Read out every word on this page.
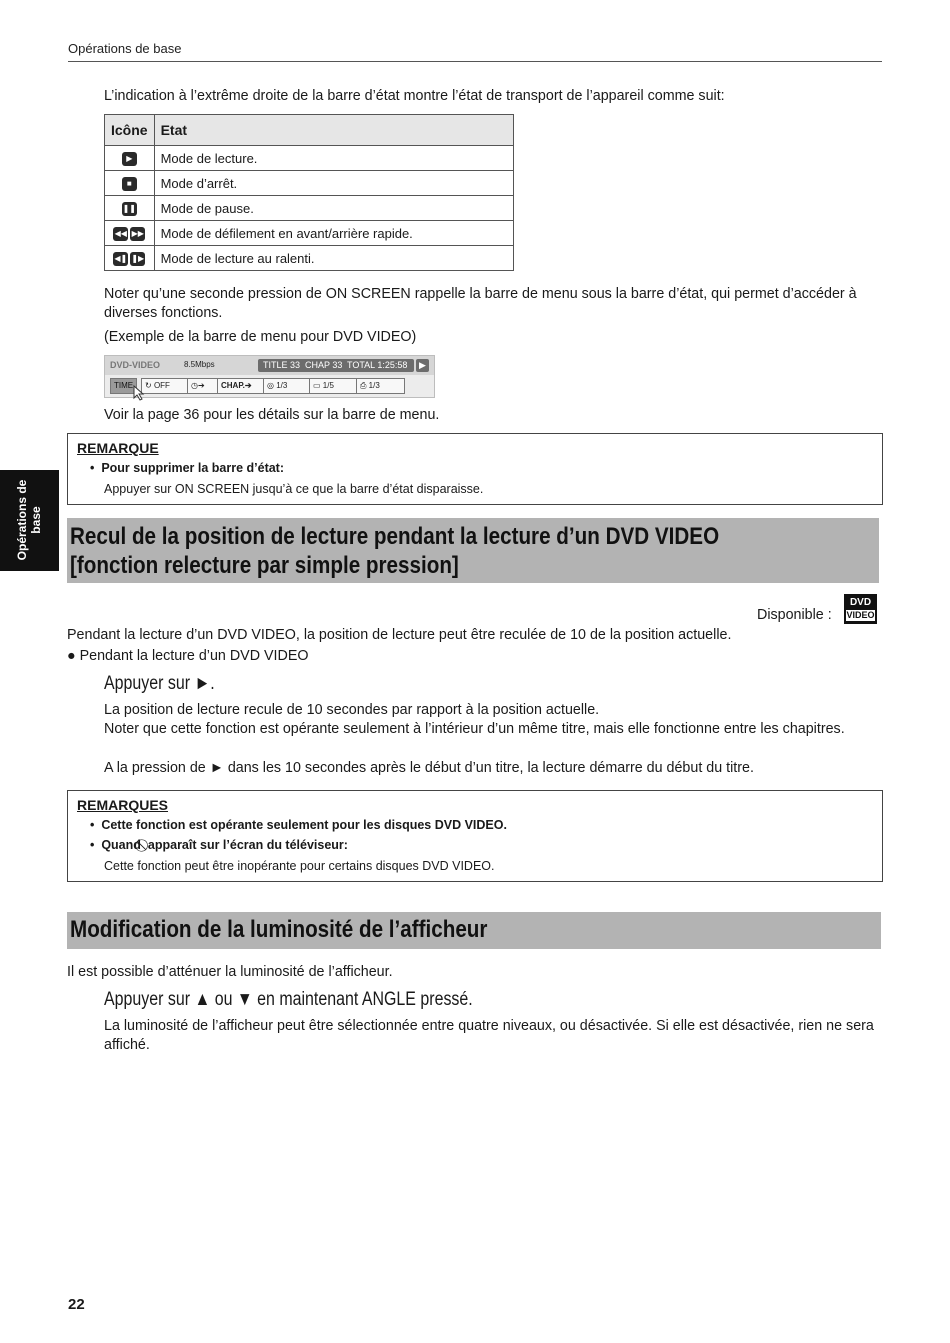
Opérations de base
Opérations de
base
L’indication à l’extrême droite de la barre d’état montre l’état de transport de l’appareil comme suit:
Icône	Etat
▶	Mode de lecture.
■	Mode d’arrêt.
❚❚	Mode de pause.
◀◀ ▶▶	Mode de défilement en avant/arrière rapide.
◀❚ ❚▶	Mode de lecture au ralenti.
Noter qu’une seconde pression de ON SCREEN rappelle la barre de menu sous la barre d’état, qui permet d’accéder à diverses fonctions.
(Exemple de la barre de menu pour DVD VIDEO)
DVD-VIDEO	8.5Mbps	TITLE 33 CHAP 33 TOTAL 1:25:58	▶
TIME	↻ OFF	◷➔	CHAP.➔	◎ 1/3	▭ 1/5	⎙ 1/3
Voir la page 36 pour les détails sur la barre de menu.
REMARQUE
•  Pour supprimer la barre d’état:
Appuyer sur ON SCREEN jusqu’à ce que la barre d’état disparaisse.
Recul de la position de lecture pendant la lecture d’un DVD VIDEO
[fonction relecture par simple pression]
Disponible :
DVD
VIDEO
Pendant la lecture d’un DVD VIDEO, la position de lecture peut être reculée de 10 de la position actuelle.
● Pendant la lecture d’un DVD VIDEO
Appuyer sur ►.
La position de lecture recule de 10 secondes par rapport à la position actuelle.
Noter que cette fonction est opérante seulement à l’intérieur d’un même titre, mais elle fonctionne entre les chapitres.
A la pression de ► dans les 10 secondes après le début d’un titre, la lecture démarre du début du titre.
REMARQUES
•  Cette fonction est opérante seulement pour les disques DVD VIDEO.
•  Quand apparaît sur l’écran du téléviseur:
Cette fonction peut être inopérante pour certains disques DVD VIDEO.
Modification de la luminosité de l’afficheur
Il est possible d’atténuer la luminosité de l’afficheur.
Appuyer sur ▲ ou ▼ en maintenant ANGLE pressé.
La luminosité de l’afficheur peut être sélectionnée entre quatre niveaux, ou désactivée. Si elle est désactivée, rien ne sera affiché.
22
